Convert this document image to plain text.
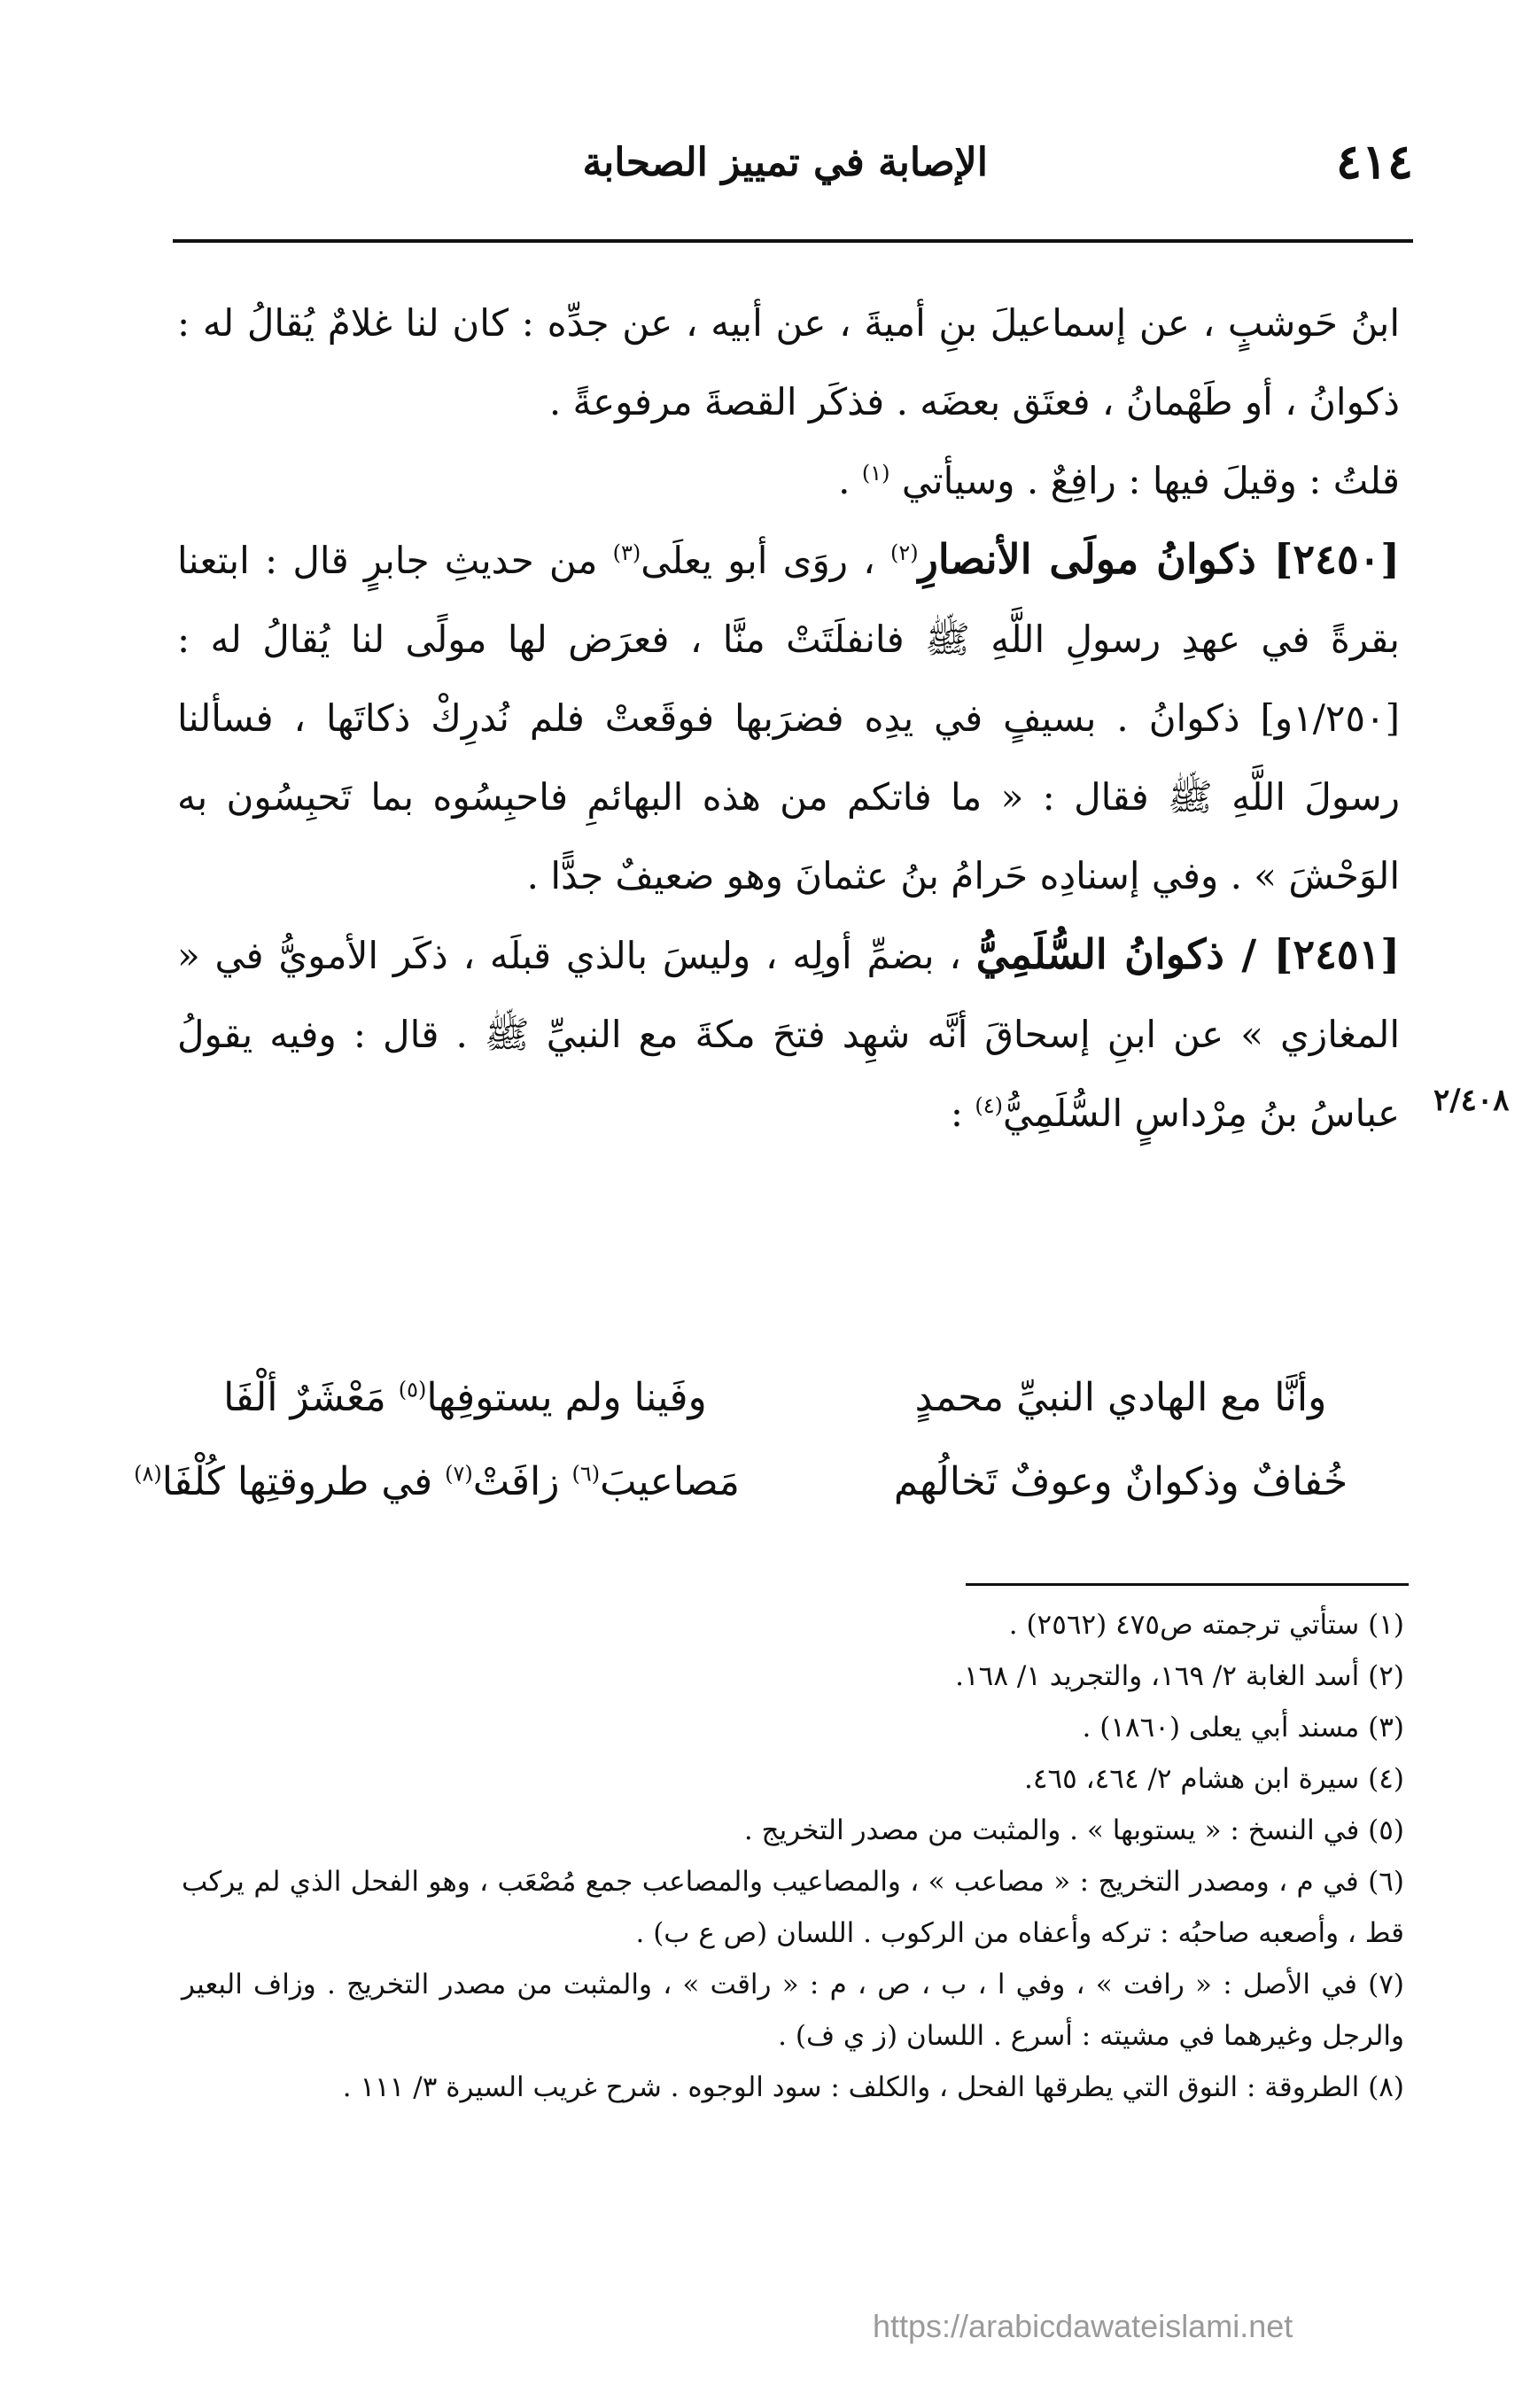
٤١٤
الإصابة في تمييز الصحابة

ابنُ حَوشبٍ ، عن إسماعيلَ بنِ أميةَ ، عن أبيه ، عن جدِّه : كان لنا غلامٌ يُقالُ له : ذكوانُ ، أو طَهْمانُ ، فعتَق بعضَه . فذكَر القصةَ مرفوعةً .

قلتُ : وقيلَ فيها : رافِعٌ . وسيأتي $^{(١)}$ .

[٢٤٥٠] ذكوانُ مولَى الأنصارِ$^{(٢)}$ ، روَى أبو يعلَى$^{(٣)}$ من حديثِ جابرٍ قال : ابتعنا بقرةً في عهدِ رسولِ اللَّهِ ﷺ فانفلَتَتْ منَّا ، فعرَض لها مولًى لنا يُقالُ له : [١/٢٥٠و] ذكوانُ . بسيفٍ في يدِه فضرَبها فوقَعتْ فلم نُدرِكْ ذكاتَها ، فسألنا رسولَ اللَّهِ ﷺ فقال : « ما فاتكم من هذه البهائمِ فاحبِسُوه بما تَحبِسُون به الوَحْشَ » . وفي إسنادِه حَرامُ بنُ عثمانَ وهو ضعيفٌ جدًّا .

[٢٤٥١] / ذكوانُ السُّلَمِيُّ ، بضمِّ أولِه ، وليسَ بالذي قبلَه ، ذكَر الأمويُّ في « المغازي » عن ابنِ إسحاقَ أنَّه شهِد فتحَ مكةَ مع النبيِّ ﷺ . قال : وفيه يقولُ عباسُ بنُ مِرْداسٍ السُّلَمِيُّ$^{(٤)}$ :	٢/٤٠٨
وأنَّا مع الهادي النبيِّ محمدٍ
وفَينا ولم يستوفِها$^{(٥)}$ مَعْشَرٌ ألْفَا
خُفافٌ وذكوانٌ وعوفٌ تَخالُهم
مَصاعيبَ$^{(٦)}$ زافَتْ$^{(٧)}$ في طروقتِها كُلْفَا$^{(٨)}$

(١) ستأتي ترجمته ص٤٧٥ (٢٥٦٢) .

(٢) أسد الغابة ٢/ ١٦٩، والتجريد ١/ ١٦٨.

(٣) مسند أبي يعلى (١٨٦٠) .

(٤) سيرة ابن هشام ٢/ ٤٦٤، ٤٦٥.

(٥) في النسخ : « يستوبها » . والمثبت من مصدر التخريج .

(٦) في م ، ومصدر التخريج : « مصاعب » ، والمصاعيب والمصاعب جمع مُصْعَب ، وهو الفحل الذي لم يركب قط ، وأصعبه صاحبُه : تركه وأعفاه من الركوب . اللسان (ص ع ب) .

(٧) في الأصل : « رافت » ، وفي ا ، ب ، ص ، م : « راقت » ، والمثبت من مصدر التخريج . وزاف البعير والرجل وغيرهما في مشيته : أسرع . اللسان (ز ي ف) .

(٨) الطروقة : النوق التي يطرقها الفحل ، والكلف : سود الوجوه . شرح غريب السيرة ٣/ ١١١ .

https://arabicdawateislami.net
